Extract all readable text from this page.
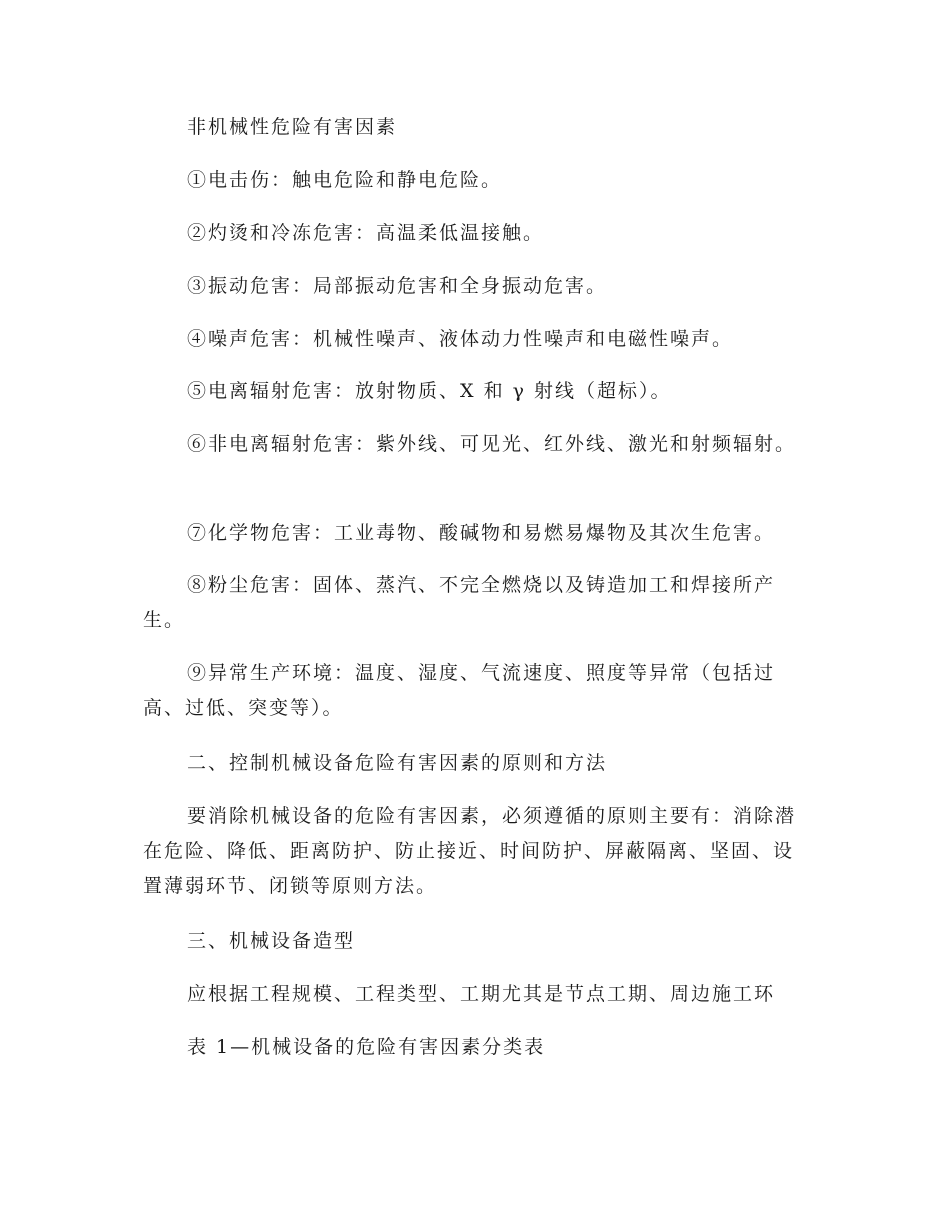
非机械性危险有害因素

①电击伤：触电危险和静电危险。

②灼烫和冷冻危害：高温柔低温接触。

③振动危害：局部振动危害和全身振动危害。

④噪声危害：机械性噪声、液体动力性噪声和电磁性噪声。

⑤电离辐射危害：放射物质、X 和 γ 射线（超标）。

⑥非电离辐射危害：紫外线、可见光、红外线、激光和射频辐射。

⑦化学物危害：工业毒物、酸碱物和易燃易爆物及其次生危害。

⑧粉尘危害：固体、蒸汽、不完全燃烧以及铸造加工和焊接所产生。

⑨异常生产环境：温度、湿度、气流速度、照度等异常（包括过高、过低、突变等）。

二、控制机械设备危险有害因素的原则和方法

要消除机械设备的危险有害因素，必须遵循的原则主要有：消除潜在危险、降低、距离防护、防止接近、时间防护、屏蔽隔离、坚固、设置薄弱环节、闭锁等原则方法。

三、机械设备造型

应根据工程规模、工程类型、工期尤其是节点工期、周边施工环

表 1—机械设备的危险有害因素分类表
